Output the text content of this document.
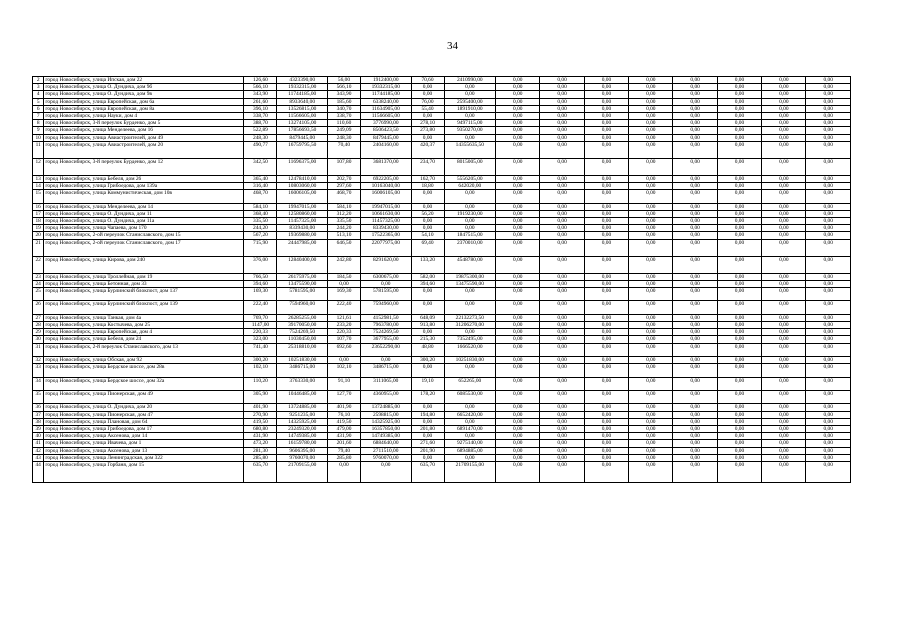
34
2	город Новосибирск, улица Ипская, дом 22	126,60	4323390,00	56,00	1912400,00	70,60	2410990,00	0,00	0,00	0,00	0,00	0,00	0,00	0,00	0,00
3	город Новосибирск, улица О. Дундича, дом 9б	566,10	19332315,00	566,10	19332315,00	0,00	0,00	0,00	0,00	0,00	0,00	0,00	0,00	0,00	0,00
4	город Новосибирск, улица О. Дундича, дом 9в	343,90	11744185,00	343,90	11744185,00	0,00	0,00	0,00	0,00	0,00	0,00	0,00	0,00	0,00	0,00
5	город Новосибирск, улица Европейская, дом 6а	261,60	8933640,00	185,60	6338240,00	76,00	2595400,00	0,00	0,00	0,00	0,00	0,00	0,00	0,00	0,00
6	город Новосибирск, улица Европейская, дом 8а	396,10	13526815,00	340,70	11634905,00	55,40	1891910,00	0,00	0,00	0,00	0,00	0,00	0,00	0,00	0,00
7	город Новосибирск, улица Науки, дом 4	338,70	11566605,00	338,70	11566605,00	0,00	0,00	0,00	0,00	0,00	0,00	0,00	0,00	0,00	0,00
8	город Новосибирск, 3-й переулок Бурденко, дом 5	388,70	13274105,00	110,60	3776990,00	278,10	9497115,00	0,00	0,00	0,00	0,00	0,00	0,00	0,00	0,00
9	город Новосибирск, улица Менделеева, дом 16	522,89	17856693,50	249,09	8506423,50	273,80	9350270,00	0,00	0,00	0,00	0,00	0,00	0,00	0,00	0,00
10	город Новосибирск, улица Авиастроителей, дом 49	248,30	8479445,00	248,30	8479445,00	0,00	0,00	0,00	0,00	0,00	0,00	0,00	0,00	0,00	0,00
11	город Новосибирск, улица Авиастроителей, дом 20	490,77	16759795,50	70,40	2404160,00	420,37	14355635,50	0,00	0,00	0,00	0,00	0,00	0,00	0,00	0,00
12	город Новосибирск, 3-й переулок Бурденко, дом 12	342,50	11696375,00	107,80	3681370,00	234,70	8015005,00	0,00	0,00	0,00	0,00	0,00	0,00	0,00	0,00
13	город Новосибирск, улица Бебеля, дом 26	365,40	12478410,00	202,70	6922205,00	162,70	5556205,00	0,00	0,00	0,00	0,00	0,00	0,00	0,00	0,00
14	город Новосибирск, улица Грибоедова, дом 139а	316,40	10803060,00	297,60	10163040,00	18,80	642020,00	0,00	0,00	0,00	0,00	0,00	0,00	0,00	0,00
15	город Новосибирск, улица Коммунистическая, дом 10в	468,70	16006105,00	468,70	16006105,00	0,00	0,00	0,00	0,00	0,00	0,00	0,00	0,00	0,00	0,00
16	город Новосибирск, улица Менделеева, дом 14	584,10	19947015,00	584,10	19947015,00	0,00	0,00	0,00	0,00	0,00	0,00	0,00	0,00	0,00	0,00
17	город Новосибирск, улица О. Дундича, дом 11	368,40	12580860,00	312,20	10661630,00	56,20	1919230,00	0,00	0,00	0,00	0,00	0,00	0,00	0,00	0,00
18	город Новосибирск, улица О. Дундича, дом 11а	335,50	11457325,00	335,50	11457325,00	0,00	0,00	0,00	0,00	0,00	0,00	0,00	0,00	0,00	0,00
19	город Новосибирск, улица Чапаева, дом 170	244,20	8339430,00	244,20	8339430,00	0,00	0,00	0,00	0,00	0,00	0,00	0,00	0,00	0,00	0,00
20	город Новосибирск, 2-ой переулок Станиславского, дом 15	567,20	19369880,00	513,10	17522365,00	54,10	1847515,00	0,00	0,00	0,00	0,00	0,00	0,00	0,00	0,00
21	город Новосибирск, 2-ой переулок Станиславского, дом 17	715,90	24447985,00	646,50	22077975,00	69,40	2370010,00	0,00	0,00	0,00	0,00	0,00	0,00	0,00	0,00
22	город Новосибирск, улица Кирова, дом 240	376,00	12840400,00	242,80	8291620,00	133,20	4548780,00	0,00	0,00	0,00	0,00	0,00	0,00	0,00	0,00
23	город Новосибирск, улица Троллейная, дом 19	766,50	26175975,00	184,50	6300675,00	582,00	19875300,00	0,00	0,00	0,00	0,00	0,00	0,00	0,00	0,00
24	город Новосибирск, улица Бетонная, дом 33	394,60	13475590,00	0,00	0,00	394,60	13475590,00	0,00	0,00	0,00	0,00	0,00	0,00	0,00	0,00
25	город Новосибирск, улица Бурлинский блокпост, дом 137	169,30	5781595,00	169,30	5781595,00	0,00	0,00	0,00	0,00	0,00	0,00	0,00	0,00	0,00	0,00
26	город Новосибирск, улица Бурлинский блокпост, дом 139	222,40	7594960,00	222,40	7594960,00	0,00	0,00	0,00	0,00	0,00	0,00	0,00	0,00	0,00	0,00
27	город Новосибирск, улица Танкая, дом 4а	769,70	26285255,00	121,61	4152981,50	648,09	22132273,50	0,00	0,00	0,00	0,00	0,00	0,00	0,00	0,00
28	город Новосибирск, улица Костычева, дом 25	1147,00	39170050,00	233,20	7963780,00	913,80	31206270,00	0,00	0,00	0,00	0,00	0,00	0,00	0,00	0,00
29	город Новосибирск, улица Европейская, дом 4	220,33	7524269,50	220,33	7524269,50	0,00	0,00	0,00	0,00	0,00	0,00	0,00	0,00	0,00	0,00
30	город Новосибирск, улица Бебеля, дом 24	323,00	11030450,00	107,70	3677955,00	215,30	7352495,00	0,00	0,00	0,00	0,00	0,00	0,00	0,00	0,00
31	город Новосибирск, 2-й переулок Станиславского, дом 13	741,40	25318810,00	692,60	23652290,00	48,80	1666520,00	0,00	0,00	0,00	0,00	0,00	0,00	0,00	0,00
32	город Новосибирск, улица Обская, дом 92	300,20	10251830,00	0,00	0,00	300,20	10251830,00	0,00	0,00	0,00	0,00	0,00	0,00	0,00	0,00
33	город Новосибирск, улица Бердское шоссе, дом 28в	102,10	3486715,00	102,10	3486715,00	0,00	0,00	0,00	0,00	0,00	0,00	0,00	0,00	0,00	0,00
34	город Новосибирск, улица Бердское шоссе, дом 32а	110,20	3763330,00	91,10	3111065,00	19,10	652265,00	0,00	0,00	0,00	0,00	0,00	0,00	0,00	0,00
35	город Новосибирск, улица Пионерская, дом 49	305,90	10446485,00	127,70	4360955,00	178,20	6085530,00	0,00	0,00	0,00	0,00	0,00	0,00	0,00	0,00
36	город Новосибирск, улица О. Дундича, дом 20	401,90	13724885,00	401,90	13724885,00	0,00	0,00	0,00	0,00	0,00	0,00	0,00	0,00	0,00	0,00
37	город Новосибирск, улица Пионерская, дом 47	270,90	9251235,00	76,10	2598815,00	194,80	6652420,00	0,00	0,00	0,00	0,00	0,00	0,00	0,00	0,00
38	город Новосибирск, улица Плановая, дом 64	419,50	14325925,00	419,50	14325925,00	0,00	0,00	0,00	0,00	0,00	0,00	0,00	0,00	0,00	0,00
39	город Новосибирск, улица Грибоедова, дом 17	680,80	23249320,00	479,00	16357850,00	201,80	6891470,00	0,00	0,00	0,00	0,00	0,00	0,00	0,00	0,00
40	город Новосибирск, улица Аксенова, дом 14	431,90	14749385,00	431,90	14749385,00	0,00	0,00	0,00	0,00	0,00	0,00	0,00	0,00	0,00	0,00
41	город Новосибирск, улица Ивачева, дом 1	473,20	16159780,00	201,60	6884640,00	271,60	9275140,00	0,00	0,00	0,00	0,00	0,00	0,00	0,00	0,00
42	город Новосибирск, улица Аксенова, дом 13	281,30	9606395,00	79,40	2711510,00	201,90	6894885,00	0,00	0,00	0,00	0,00	0,00	0,00	0,00	0,00
43	город Новосибирск, улица Ленинградская, дом 322	285,80	9760070,00	285,80	9760070,00	0,00	0,00	0,00	0,00	0,00	0,00	0,00	0,00	0,00	0,00
44	город Новосибирск, улица Горбаня, дом 15	635,70	21709155,00	0,00	0,00	635,70	21709155,00	0,00	0,00	0,00	0,00	0,00	0,00	0,00	0,00
